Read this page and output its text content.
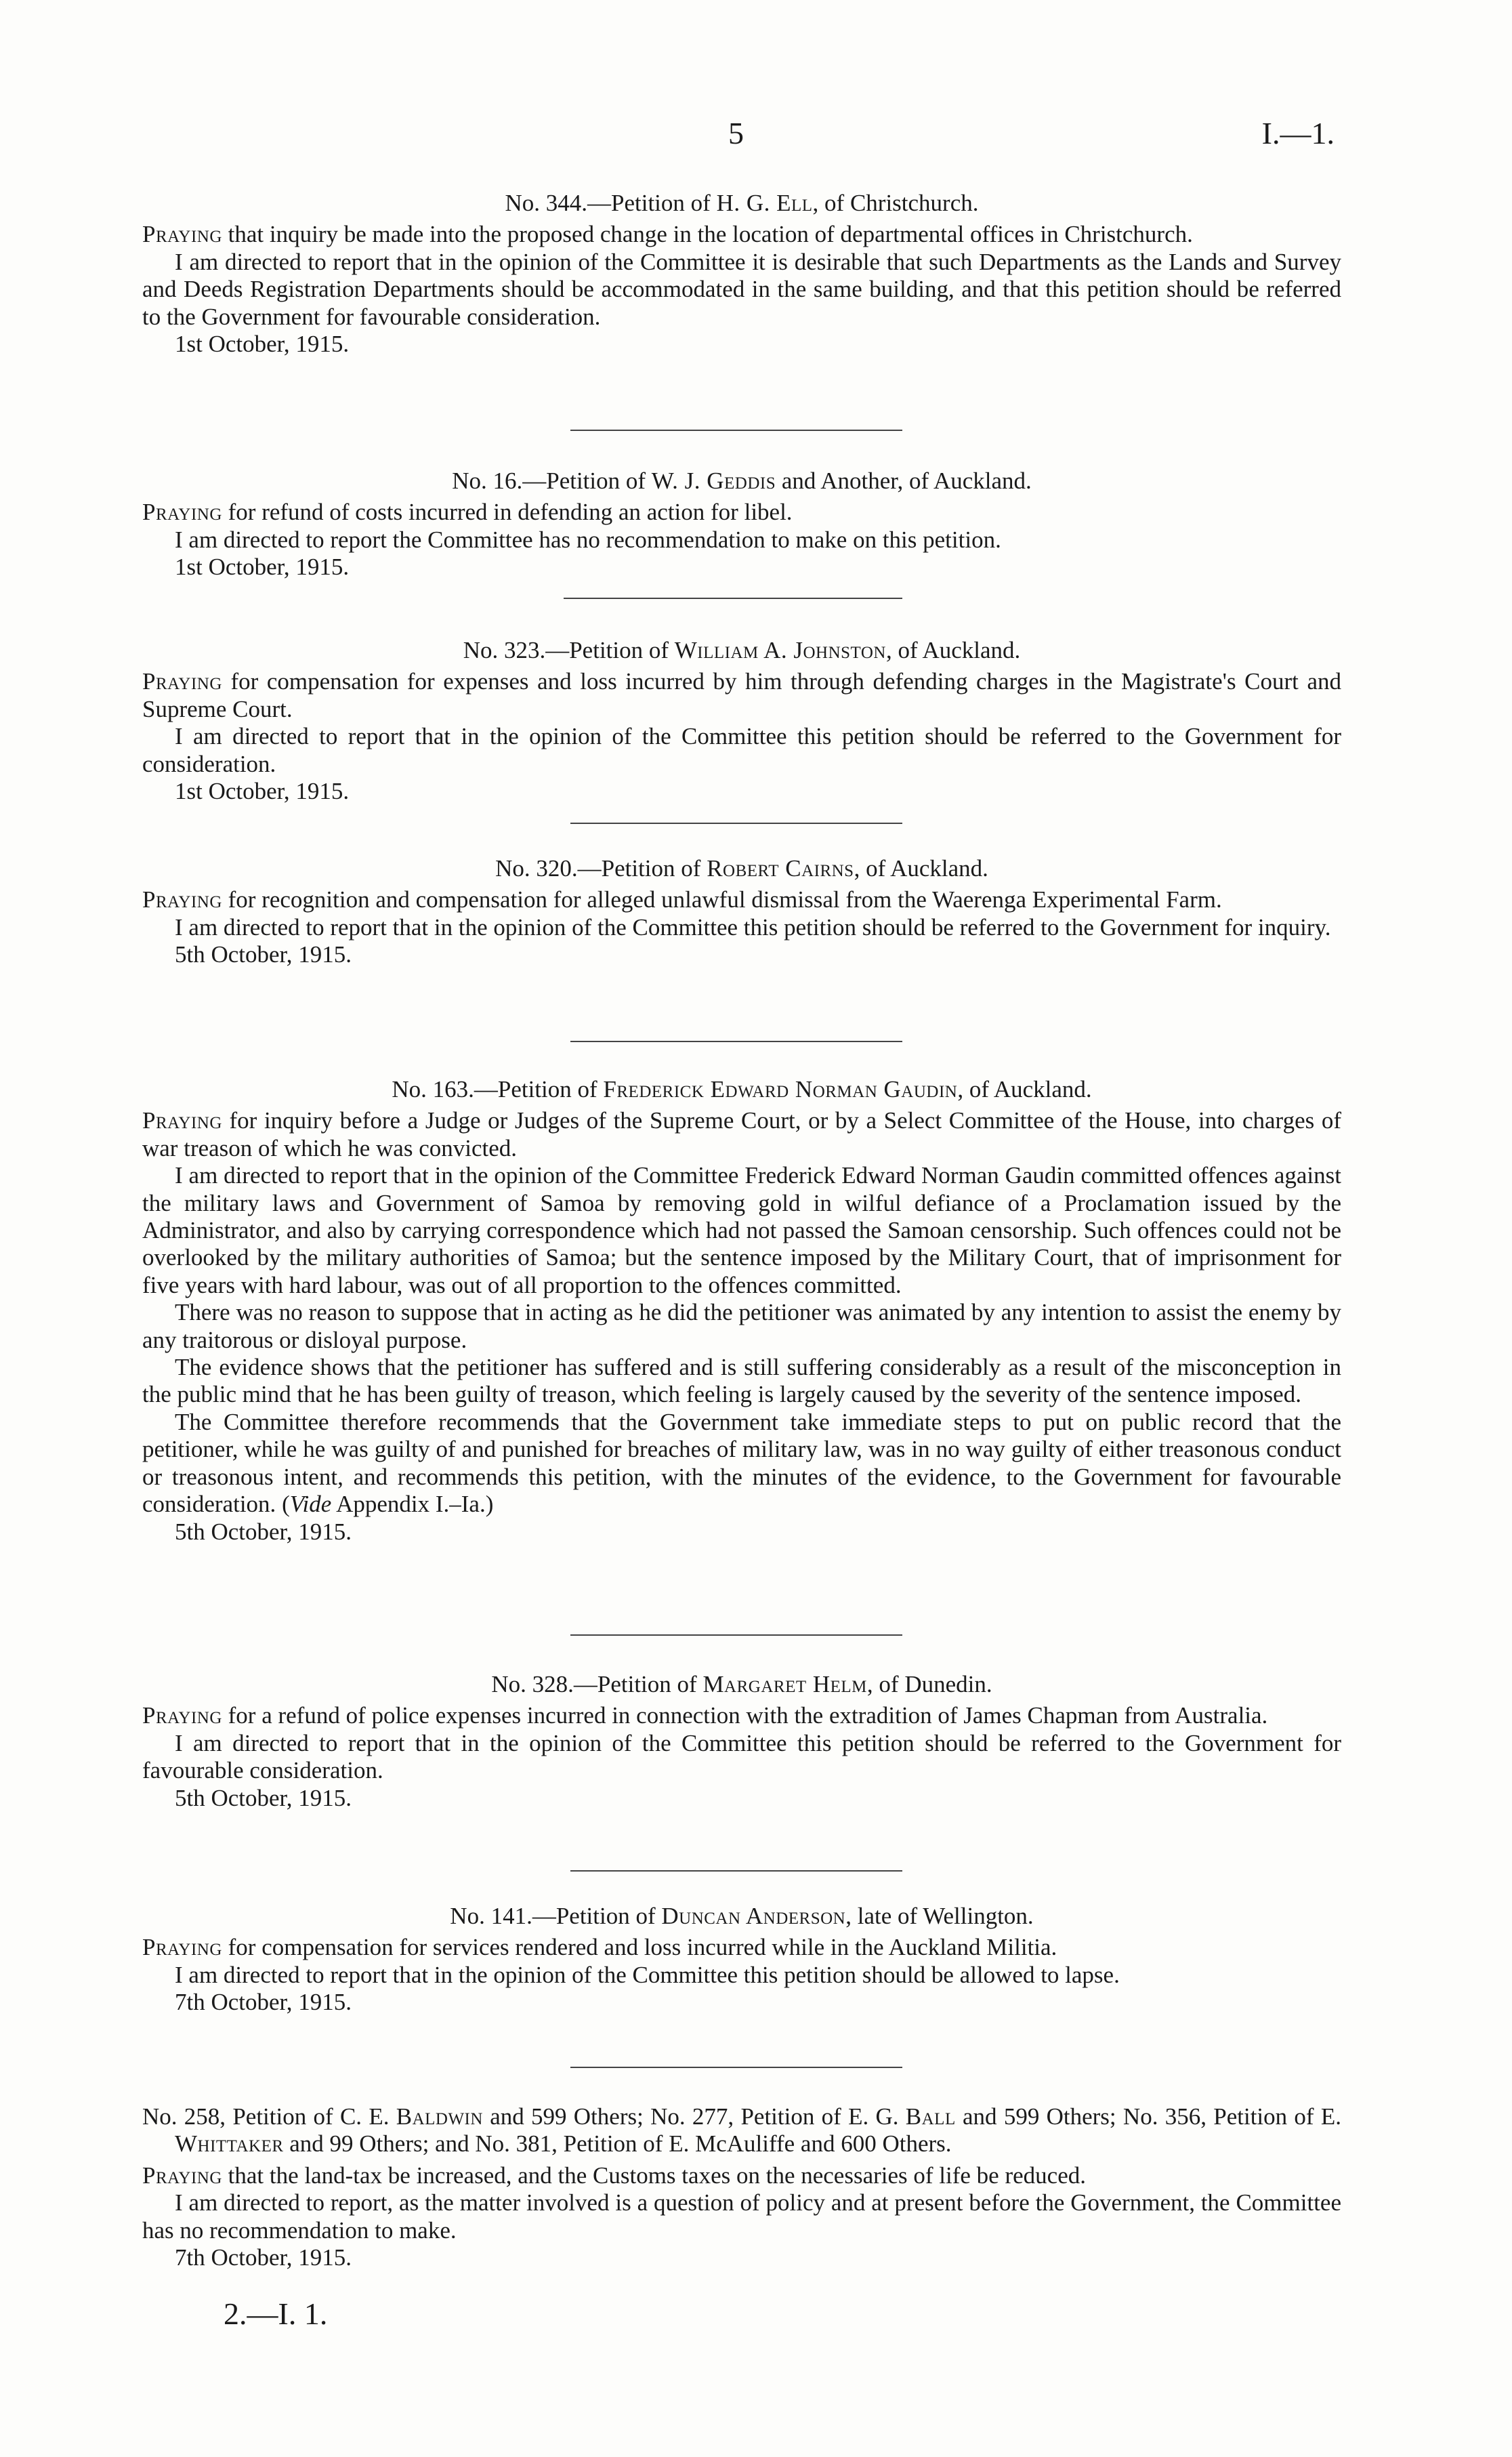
5	I.—1.

No. 344.—Petition of H. G. Ell, of Christchurch.

Praying that inquiry be made into the proposed change in the location of departmental offices in Christchurch.

I am directed to report that in the opinion of the Committee it is desirable that such Departments as the Lands and Survey and Deeds Registration Departments should be accommodated in the same building, and that this petition should be referred to the Government for favourable consideration.

1st October, 1915.

No. 16.—Petition of W. J. Geddis and Another, of Auckland.

Praying for refund of costs incurred in defending an action for libel.

I am directed to report the Committee has no recommendation to make on this petition.

1st October, 1915.

No. 323.—Petition of William A. Johnston, of Auckland.

Praying for compensation for expenses and loss incurred by him through defending charges in the Magistrate's Court and Supreme Court.

I am directed to report that in the opinion of the Committee this petition should be referred to the Government for consideration.

1st October, 1915.

No. 320.—Petition of Robert Cairns, of Auckland.

Praying for recognition and compensation for alleged unlawful dismissal from the Waerenga Experimental Farm.

I am directed to report that in the opinion of the Committee this petition should be referred to the Government for inquiry.

5th October, 1915.

No. 163.—Petition of Frederick Edward Norman Gaudin, of Auckland.

Praying for inquiry before a Judge or Judges of the Supreme Court, or by a Select Committee of the House, into charges of war treason of which he was convicted.

I am directed to report that in the opinion of the Committee Frederick Edward Norman Gaudin committed offences against the military laws and Government of Samoa by removing gold in wilful defiance of a Proclamation issued by the Administrator, and also by carrying correspondence which had not passed the Samoan censorship. Such offences could not be overlooked by the military authorities of Samoa; but the sentence imposed by the Military Court, that of imprisonment for five years with hard labour, was out of all proportion to the offences committed.

There was no reason to suppose that in acting as he did the petitioner was animated by any intention to assist the enemy by any traitorous or disloyal purpose.

The evidence shows that the petitioner has suffered and is still suffering considerably as a result of the misconception in the public mind that he has been guilty of treason, which feeling is largely caused by the severity of the sentence imposed.

The Committee therefore recommends that the Government take immediate steps to put on public record that the petitioner, while he was guilty of and punished for breaches of military law, was in no way guilty of either treasonous conduct or treasonous intent, and recommends this petition, with the minutes of the evidence, to the Government for favourable consideration. (Vide Appendix I.–Ia.)

5th October, 1915.

No. 328.—Petition of Margaret Helm, of Dunedin.

Praying for a refund of police expenses incurred in connection with the extradition of James Chapman from Australia.

I am directed to report that in the opinion of the Committee this petition should be referred to the Government for favourable consideration.

5th October, 1915.

No. 141.—Petition of Duncan Anderson, late of Wellington.

Praying for compensation for services rendered and loss incurred while in the Auckland Militia.

I am directed to report that in the opinion of the Committee this petition should be allowed to lapse.

7th October, 1915.

No. 258, Petition of C. E. Baldwin and 599 Others; No. 277, Petition of E. G. Ball and 599 Others; No. 356, Petition of E. Whittaker and 99 Others; and No. 381, Petition of E. McAuliffe and 600 Others.

Praying that the land-tax be increased, and the Customs taxes on the necessaries of life be reduced.

I am directed to report, as the matter involved is a question of policy and at present before the Government, the Committee has no recommendation to make.

7th October, 1915.

2.—I. 1.
